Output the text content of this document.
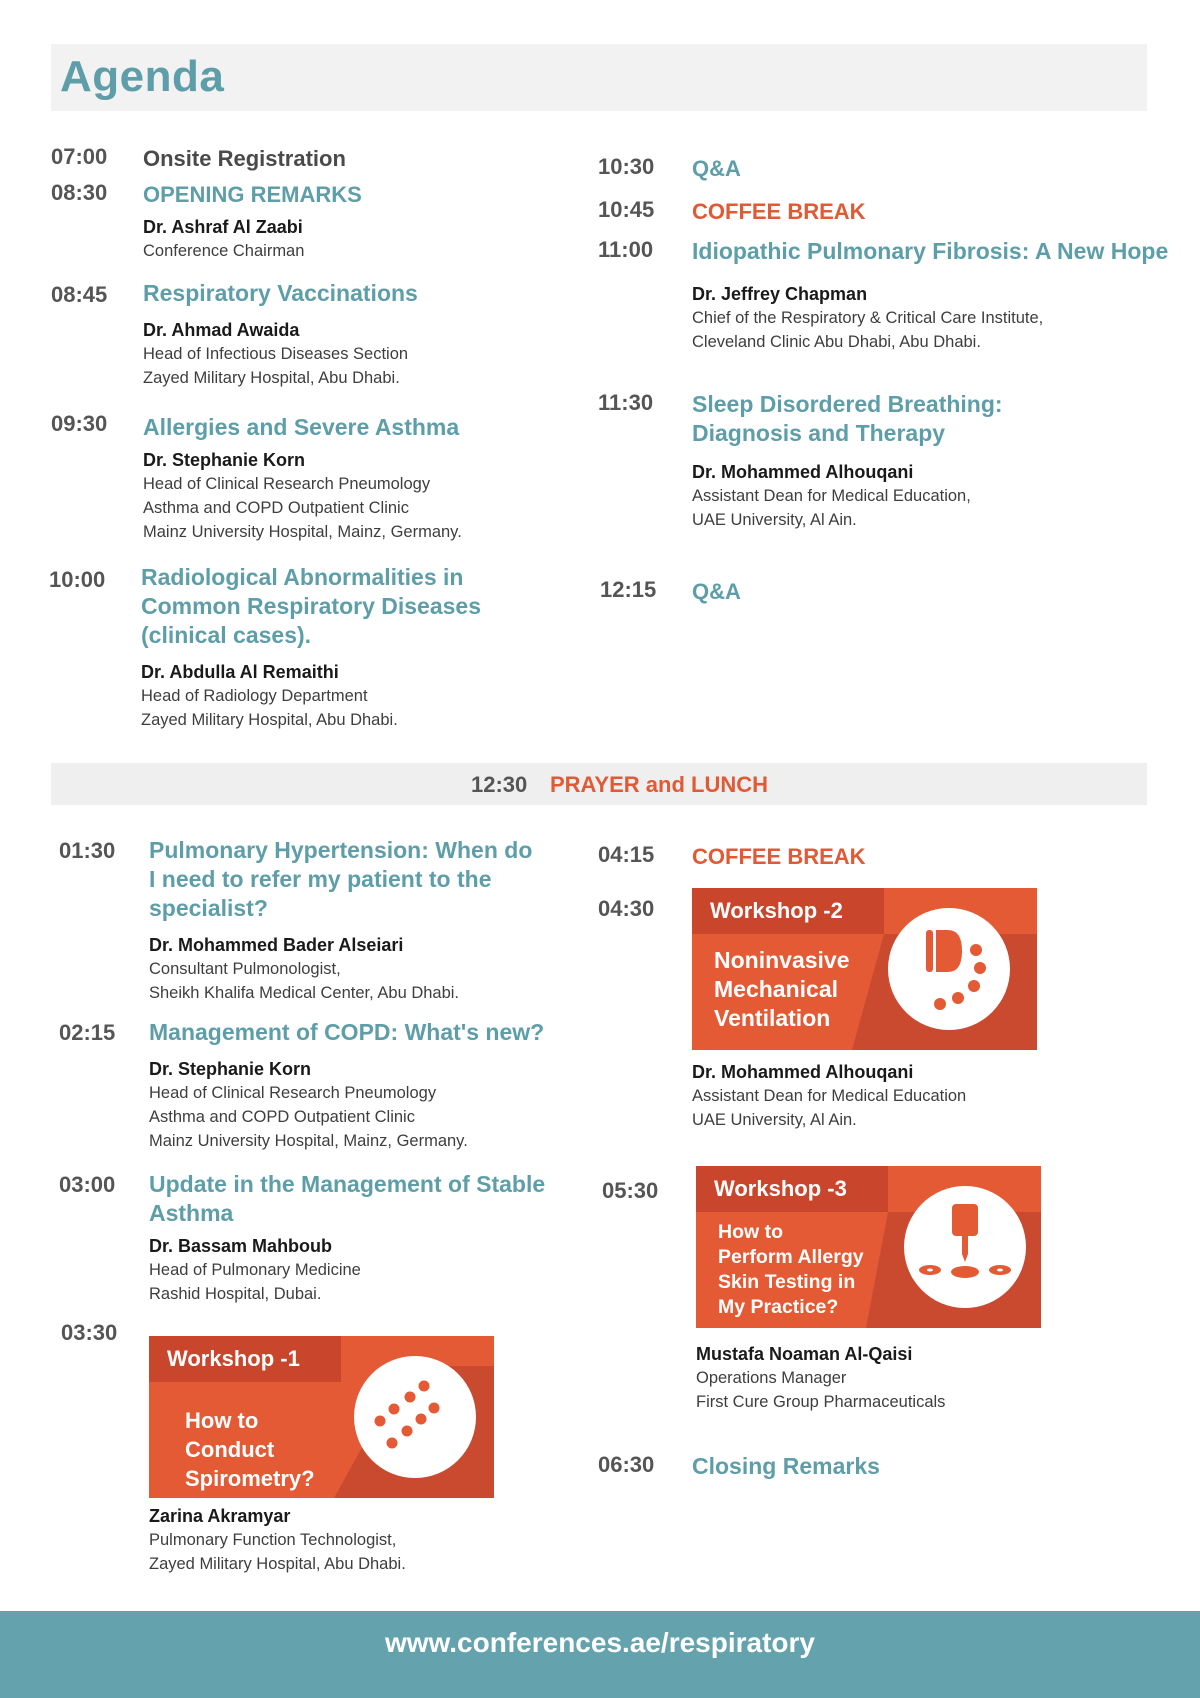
Agenda
07:00 Onsite Registration
08:30 OPENING REMARKS
Dr. Ashraf Al Zaabi
Conference Chairman
08:45 Respiratory Vaccinations
Dr. Ahmad Awaida
Head of Infectious Diseases Section
Zayed Military Hospital, Abu Dhabi.
09:30 Allergies and Severe Asthma
Dr. Stephanie Korn
Head of Clinical Research Pneumology
Asthma and COPD Outpatient Clinic
Mainz University Hospital, Mainz, Germany.
10:00 Radiological Abnormalities in
Common Respiratory Diseases
(clinical cases).
Dr. Abdulla Al Remaithi
Head of Radiology Department
Zayed Military Hospital, Abu Dhabi.
10:30 Q&A
10:45 COFFEE BREAK
11:00 Idiopathic Pulmonary Fibrosis: A New Hope
Dr. Jeffrey Chapman
Chief of the Respiratory & Critical Care Institute,
Cleveland Clinic Abu Dhabi, Abu Dhabi.
11:30 Sleep Disordered Breathing:
Diagnosis and Therapy
Dr. Mohammed Alhouqani
Assistant Dean for Medical Education,
UAE University, Al Ain.
12:15 Q&A
12:30 PRAYER and LUNCH
01:30 Pulmonary Hypertension: When do
I need to refer my patient to the
specialist?
Dr. Mohammed Bader Alseiari
Consultant Pulmonologist,
Sheikh Khalifa Medical Center, Abu Dhabi.
02:15 Management of COPD: What's new?
Dr. Stephanie Korn
Head of Clinical Research Pneumology
Asthma and COPD Outpatient Clinic
Mainz University Hospital, Mainz, Germany.
03:00 Update in the Management of Stable
Asthma
Dr. Bassam Mahboub
Head of Pulmonary Medicine
Rashid Hospital, Dubai.
03:30
Workshop -1
How to
Conduct
Spirometry?
Zarina Akramyar
Pulmonary Function Technologist,
Zayed Military Hospital, Abu Dhabi.
04:15 COFFEE BREAK
04:30	Workshop -2
Noninvasive
Mechanical
Ventilation
Dr. Mohammed Alhouqani
Assistant Dean for Medical Education
UAE University, Al Ain.
05:30	Workshop -3
How to
Perform Allergy
Skin Testing in
My Practice?
Mustafa Noaman Al-Qaisi
Operations Manager
First Cure Group Pharmaceuticals
06:30 Closing Remarks
www.conferences.ae/respiratory
